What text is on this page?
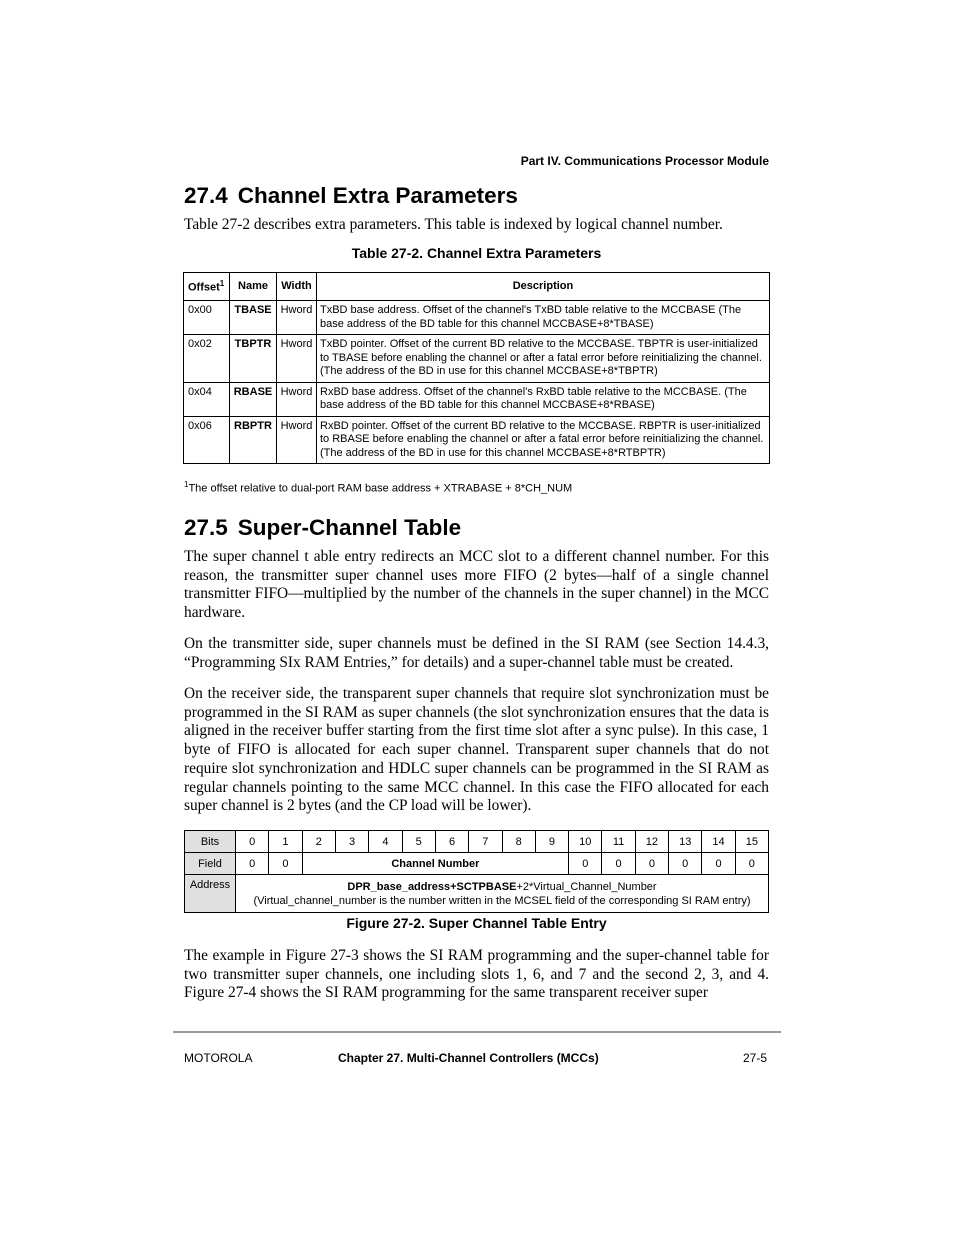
Part IV. Communications Processor Module
27.4 Channel Extra Parameters

Table 27-2 describes extra parameters. This table is indexed by logical channel number.

Table 27-2. Channel Extra Parameters
Offset$^1$	Name	Width	Description
0x00	TBASE	Hword	TxBD base address. Offset of the channel's TxBD table relative to the MCCBASE (The base address of the BD table for this channel MCCBASE+8*TBASE)
0x02	TBPTR	Hword	TxBD pointer. Offset of the current BD relative to the MCCBASE. TBPTR is user-initialized to TBASE before enabling the channel or after a fatal error before reinitializing the channel. (The address of the BD in use for this channel MCCBASE+8*TBPTR)
0x04	RBASE	Hword	RxBD base address. Offset of the channel's RxBD table relative to the MCCBASE. (The base address of the BD table for this channel MCCBASE+8*RBASE)
0x06	RBPTR	Hword	RxBD pointer. Offset of the current BD relative to the MCCBASE. RBPTR is user-initialized to RBASE before enabling the channel or after a fatal error before reinitializing the channel. (The address of the BD in use for this channel MCCBASE+8*RTBPTR)
$^1$The offset relative to dual-port RAM base address + XTRABASE + 8*CH_NUM
27.5 Super-Channel Table

The super channel t able entry redirects an MCC slot to a different channel number. For this reason, the transmitter super channel uses more FIFO (2 bytes—half of a single channel transmitter FIFO—multiplied by the number of the channels in the super channel) in the MCC hardware.

On the transmitter side, super channels must be defined in the SI RAM (see Section 14.4.3, “Programming SIx RAM Entries,” for details) and a super-channel table must be created.

On the receiver side, the transparent super channels that require slot synchronization must be programmed in the SI RAM as super channels (the slot synchronization ensures that the data is aligned in the receiver buffer starting from the first time slot after a sync pulse). In this case, 1 byte of FIFO is allocated for each super channel. Transparent super channels that do not require slot synchronization and HDLC super channels can be programmed in the SI RAM as regular channels pointing to the same MCC channel. In this case the FIFO allocated for each super channel is 2 bytes (and the CP load will be lower).

Bits	0	1	2	3	4	5	6	7	8	9	10	11	12	13	14	15
Field	0	0	Channel Number								0	0	0	0	0	0
Address	DPR_base_address+SCTPBASE+2*Virtual_Channel_Number
(Virtual_channel_number is the number written in the MCSEL field of the corresponding SI RAM entry)															
Figure 27-2. Super Channel Table Entry

The example in Figure 27-3 shows the SI RAM programming and the super-channel table for two transmitter super channels, one including slots 1, 6, and 7 and the second 2, 3, and 4. Figure 27-4 shows the SI RAM programming for the same transparent receiver super

MOTOROLA	Chapter 27. Multi-Channel Controllers (MCCs)	27-5
